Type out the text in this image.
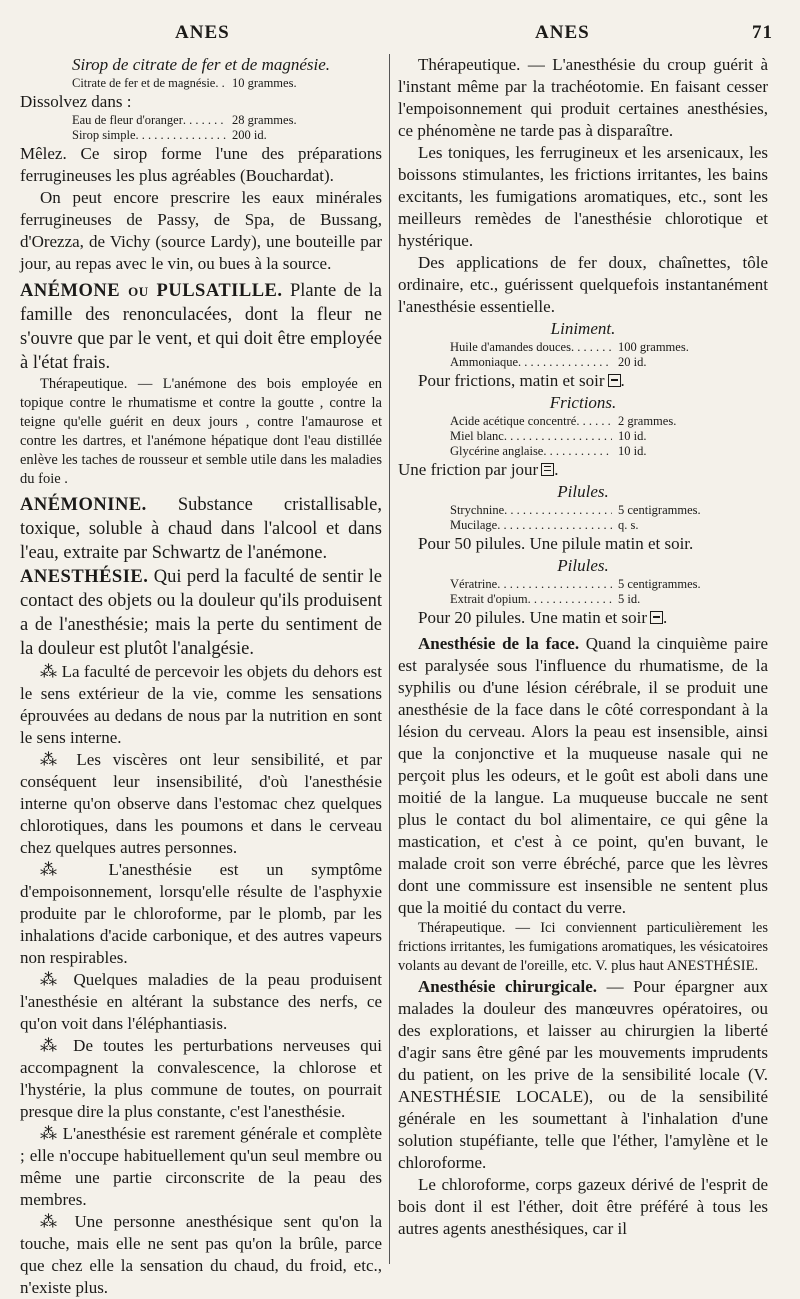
ANES	ANES	71

Sirop de citrate de fer et de magnésie.

Citrate de fer et de magnésie . . .	10 grammes.

Dissolvez dans :

Eau de fleur d'oranger . . .	28 grammes.
Sirop simple . . .	200 id.

Mêlez. Ce sirop forme l'une des préparations ferrugineuses les plus agréables (Bouchardat).

On peut encore prescrire les eaux minérales ferrugineuses de Passy, de Spa, de Bussang, d'Orezza, de Vichy (source Lardy), une bouteille par jour, au repas avec le vin, ou bues à la source.

ANÉMONE ou PULSATILLE. Plante de la famille des renonculacées, dont la fleur ne s'ouvre que par le vent, et qui doit être employée à l'état frais.

Thérapeutique. — L'anémone des bois employée en topique contre le rhumatisme et contre la goutte , contre la teigne qu'elle guérit en deux jours , contre l'amaurose et contre les dartres, et l'anémone hépatique dont l'eau distillée enlève les taches de rousseur et semble utile dans les maladies du foie .

ANÉMONINE. Substance cristallisable, toxique, soluble à chaud dans l'alcool et dans l'eau, extraite par Schwartz de l'anémone.

ANESTHÉSIE. Qui perd la faculté de sentir le contact des objets ou la douleur qu'ils produisent a de l'anesthésie; mais la perte du sentiment de la douleur est plutôt l'analgésie.

⁂ La faculté de percevoir les objets du dehors est le sens extérieur de la vie, comme les sensations éprouvées au dedans de nous par la nutrition en sont le sens interne.

⁂ Les viscères ont leur sensibilité, et par conséquent leur insensibilité, d'où l'anesthésie interne qu'on observe dans l'estomac chez quelques chlorotiques, dans les poumons et dans le cerveau chez quelques autres personnes.

⁂ L'anesthésie est un symptôme d'empoisonnement, lorsqu'elle résulte de l'asphyxie produite par le chloroforme, par le plomb, par les inhalations d'acide carbonique, et des autres vapeurs non respirables.

⁂ Quelques maladies de la peau produisent l'anesthésie en altérant la substance des nerfs, ce qu'on voit dans l'éléphantiasis.

⁂ De toutes les perturbations nerveuses qui accompagnent la convalescence, la chlorose et l'hystérie, la plus commune de toutes, on pourrait presque dire la plus constante, c'est l'anesthésie.

⁂ L'anesthésie est rarement générale et complète ; elle n'occupe habituellement qu'un seul membre ou même une partie circonscrite de la peau des membres.

⁂ Une personne anesthésique sent qu'on la touche, mais elle ne sent pas qu'on la brûle, parce que chez elle la sensation du chaud, du froid, etc., n'existe plus.

Thérapeutique. — L'anesthésie du croup guérit à l'instant même par la trachéotomie. En faisant cesser l'empoisonnement qui produit certaines anesthésies, ce phénomène ne tarde pas à disparaître.

Les toniques, les ferrugineux et les arsenicaux, les boissons stimulantes, les frictions irritantes, les bains excitants, les fumigations aromatiques, etc., sont les meilleurs remèdes de l'anesthésie chlorotique et hystérique.

Des applications de fer doux, chaînettes, tôle ordinaire, etc., guérissent quelquefois instantanément l'anesthésie essentielle.

Liniment.

Huile d'amandes douces . . .	100 grammes.
Ammoniaque . . .	20 id.

Pour frictions, matin et soir .

Frictions.

Acide acétique concentré . . .	2 grammes.
Miel blanc . . .	10 id.
Glycérine anglaise . . .	10 id.

Une friction par jour .

Pilules.

Strychnine . . .	5 centigrammes.
Mucilage . . .	q. s.

Pour 50 pilules. Une pilule matin et soir.

Pilules.

Vératrine . . .	5 centigrammes.
Extrait d'opium . . .	5 id.

Pour 20 pilules. Une matin et soir .

Anesthésie de la face. Quand la cinquième paire est paralysée sous l'influence du rhumatisme, de la syphilis ou d'une lésion cérébrale, il se produit une anesthésie de la face dans le côté correspondant à la lésion du cerveau. Alors la peau est insensible, ainsi que la conjonctive et la muqueuse nasale qui ne perçoit plus les odeurs, et le goût est aboli dans une moitié de la langue. La muqueuse buccale ne sent plus le contact du bol alimentaire, ce qui gêne la mastication, et c'est à ce point, qu'en buvant, le malade croit son verre ébréché, parce que les lèvres dont une commissure est insensible ne sentent plus que la moitié du contact du verre.

Thérapeutique. — Ici conviennent particulièrement les frictions irritantes, les fumigations aromatiques, les vésicatoires volants au devant de l'oreille, etc. V. plus haut ANESTHÉSIE.

Anesthésie chirurgicale. — Pour épargner aux malades la douleur des manœuvres opératoires, ou des explorations, et laisser au chirurgien la liberté d'agir sans être gêné par les mouvements imprudents du patient, on les prive de la sensibilité locale (V. ANESTHÉSIE LOCALE), ou de la sensibilité générale en les soumettant à l'inhalation d'une solution stupéfiante, telle que l'éther, l'amylène et le chloroforme.

Le chloroforme, corps gazeux dérivé de l'esprit de bois dont il est l'éther, doit être préféré à tous les autres agents anesthésiques, car il
